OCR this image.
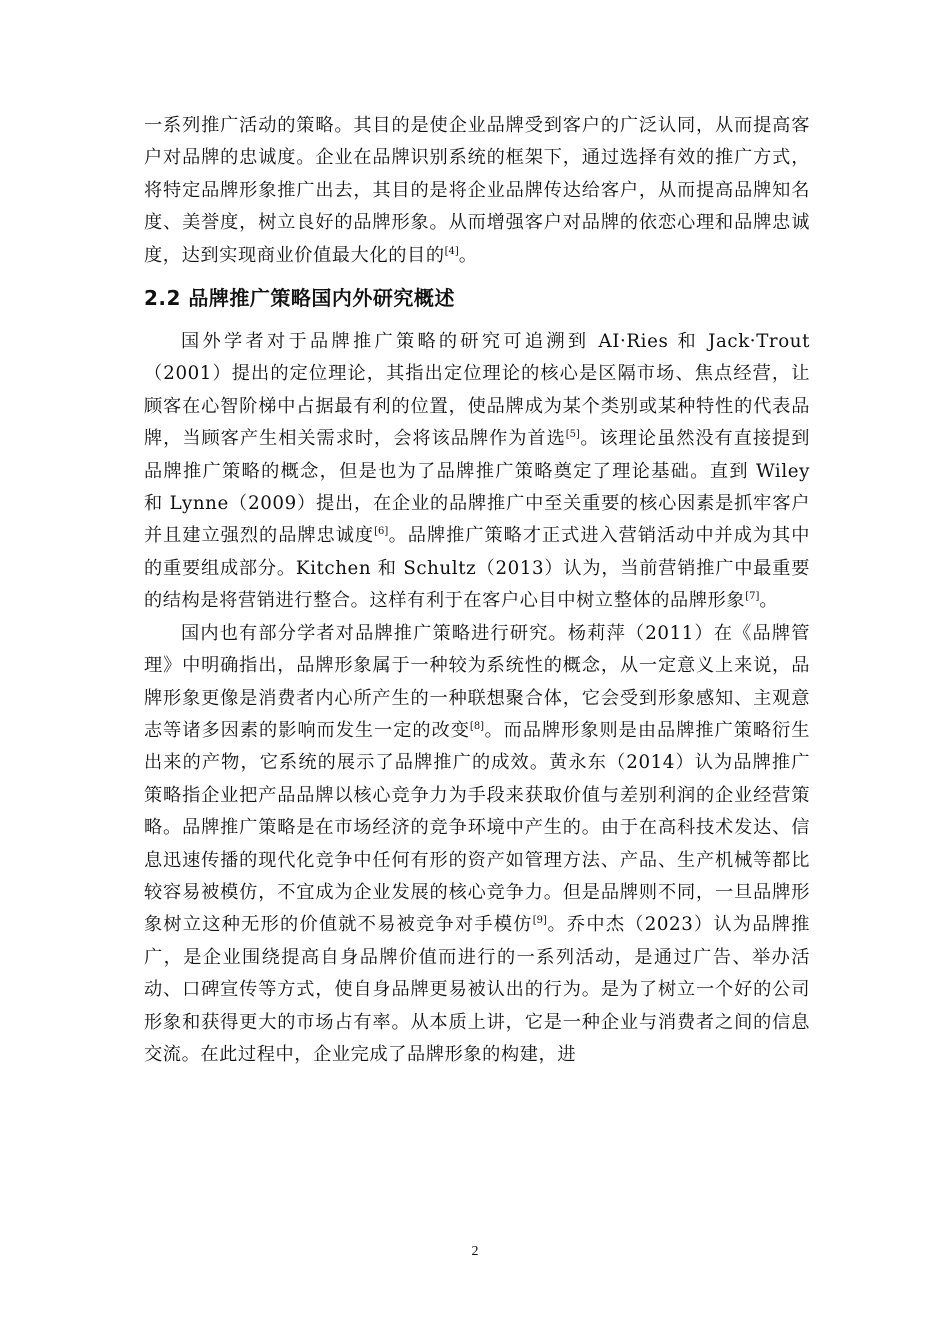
一系列推广活动的策略。其目的是使企业品牌受到客户的广泛认同，从而提高客户对品牌的忠诚度。企业在品牌识别系统的框架下，通过选择有效的推广方式，将特定品牌形象推广出去，其目的是将企业品牌传达给客户，从而提高品牌知名度、美誉度，树立良好的品牌形象。从而增强客户对品牌的依恋心理和品牌忠诚度，达到实现商业价值最大化的目的[4]。

2.2 品牌推广策略国内外研究概述

国外学者对于品牌推广策略的研究可追溯到 AI·Ries 和 Jack·Trout（2001）提出的定位理论，其指出定位理论的核心是区隔市场、焦点经营，让顾客在心智阶梯中占据最有利的位置，使品牌成为某个类别或某种特性的代表品牌，当顾客产生相关需求时，会将该品牌作为首选[5]。该理论虽然没有直接提到品牌推广策略的概念，但是也为了品牌推广策略奠定了理论基础。直到 Wiley 和 Lynne（2009）提出，在企业的品牌推广中至关重要的核心因素是抓牢客户并且建立强烈的品牌忠诚度[6]。品牌推广策略才正式进入营销活动中并成为其中的重要组成部分。Kitchen 和 Schultz（2013）认为，当前营销推广中最重要的结构是将营销进行整合。这样有利于在客户心目中树立整体的品牌形象[7]。

国内也有部分学者对品牌推广策略进行研究。杨莉萍（2011）在《品牌管理》中明确指出，品牌形象属于一种较为系统性的概念，从一定意义上来说，品牌形象更像是消费者内心所产生的一种联想聚合体，它会受到形象感知、主观意志等诸多因素的影响而发生一定的改变[8]。而品牌形象则是由品牌推广策略衍生出来的产物，它系统的展示了品牌推广的成效。黄永东（2014）认为品牌推广策略指企业把产品品牌以核心竞争力为手段来获取价值与差别利润的企业经营策略。品牌推广策略是在市场经济的竞争环境中产生的。由于在高科技术发达、信息迅速传播的现代化竞争中任何有形的资产如管理方法、产品、生产机械等都比较容易被模仿，不宜成为企业发展的核心竞争力。但是品牌则不同，一旦品牌形象树立这种无形的价值就不易被竞争对手模仿[9]。乔中杰（2023）认为品牌推广，是企业围绕提高自身品牌价值而进行的一系列活动，是通过广告、举办活动、口碑宣传等方式，使自身品牌更易被认出的行为。是为了树立一个好的公司形象和获得更大的市场占有率。从本质上讲，它是一种企业与消费者之间的信息交流。在此过程中，企业完成了品牌形象的构建，进

2
